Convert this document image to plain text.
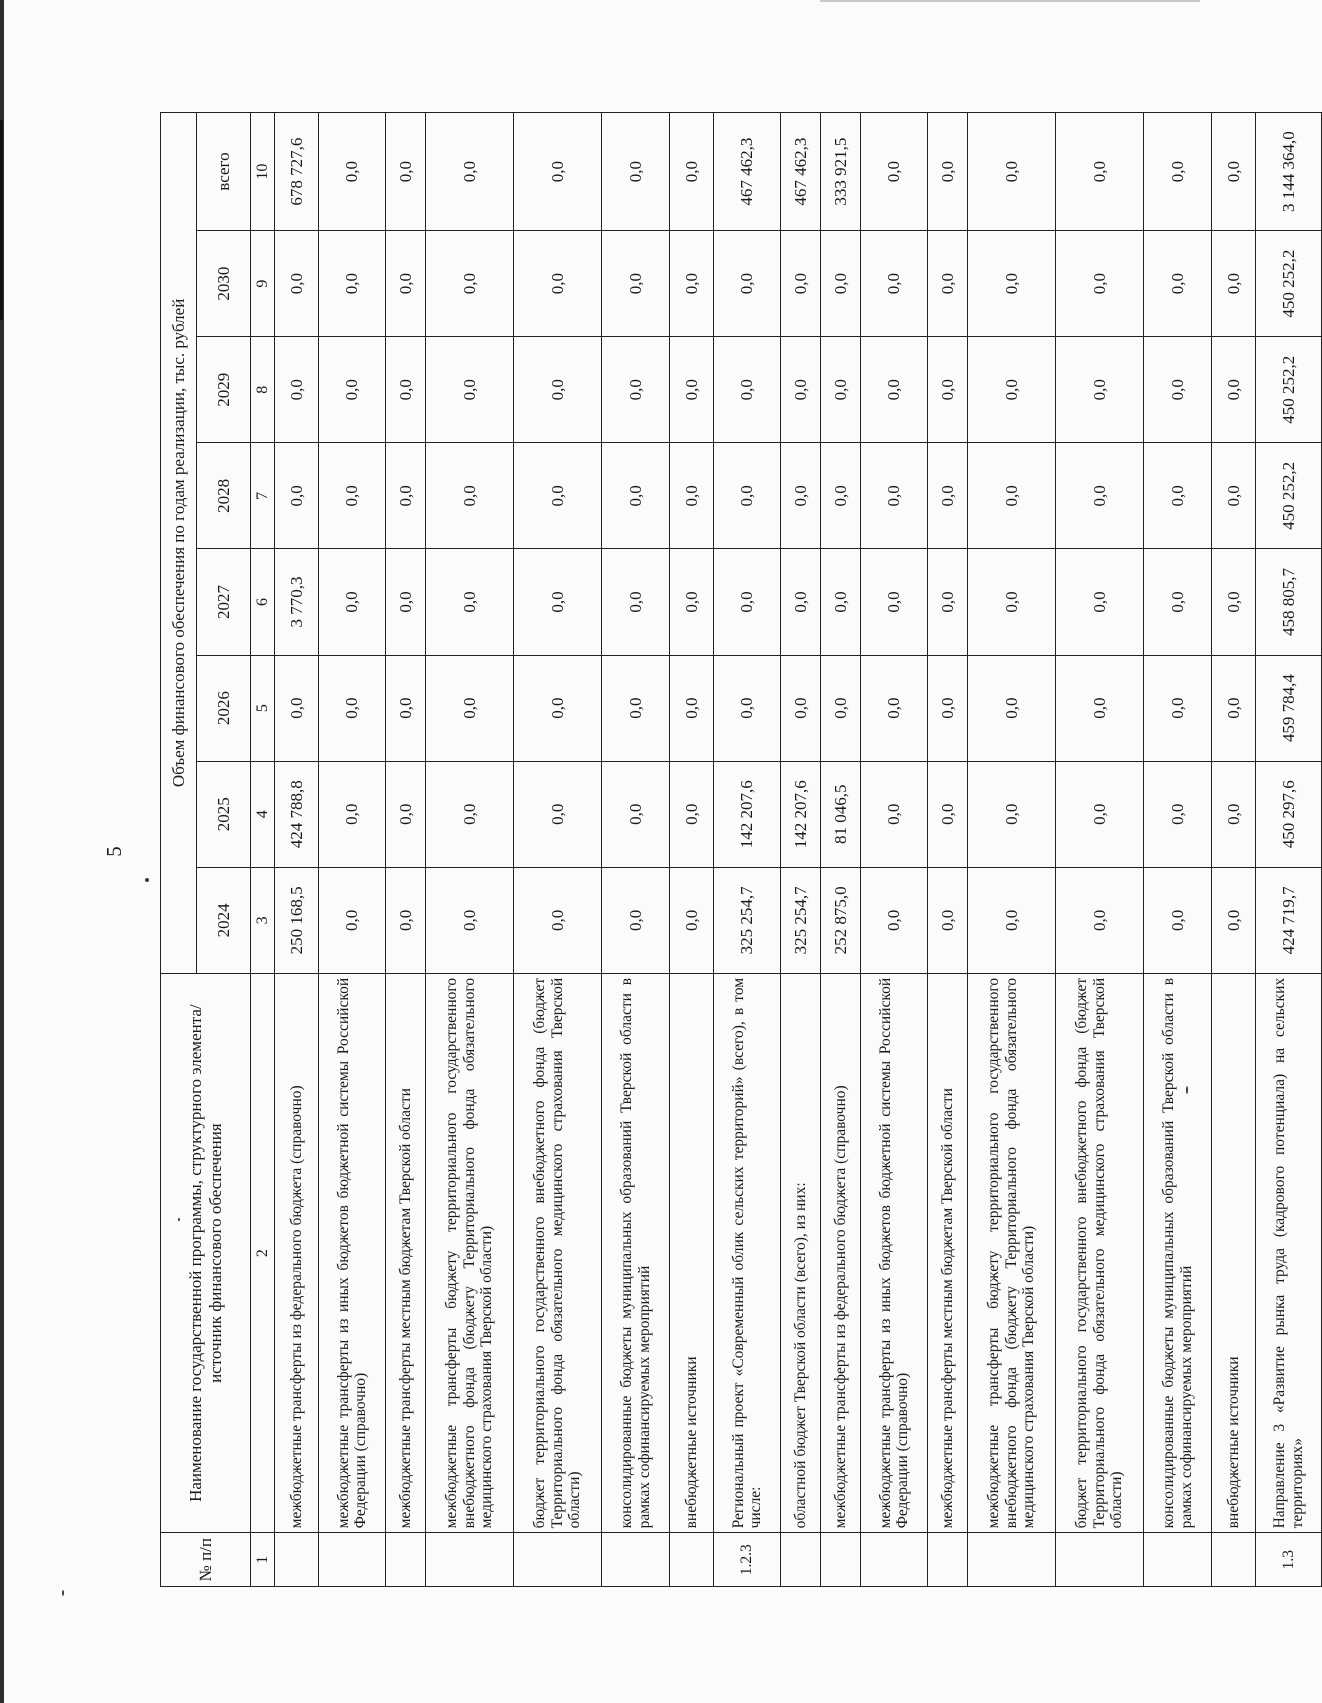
5
№ п/п	Наименование государственной программы, структурного элемента/источник финансового обеспечения	Объем финансового обеспечения по годам реализации, тыс. рублей							
		2024	2025	2026	2027	2028	2029	2030	всего
1	2	3	4	5	6	7	8	9	10
	межбюджетные трансферты из федерального бюджета (справочно)	250 168,5	424 788,8	0,0	3 770,3	0,0	0,0	0,0	678 727,6
	межбюджетные трансферты из иных бюджетов бюджетной системы Российской Федерации (справочно)	0,0	0,0	0,0	0,0	0,0	0,0	0,0	0,0
	межбюджетные трансферты местным бюджетам Тверской области	0,0	0,0	0,0	0,0	0,0	0,0	0,0	0,0
	межбюджетные трансферты бюджету территориального государственного внебюджетного фонда (бюджету Территориального фонда обязательного медицинского страхования Тверской области)	0,0	0,0	0,0	0,0	0,0	0,0	0,0	0,0
	бюджет территориального государственного внебюджетного фонда (бюджет Территориального фонда обязательного медицинского страхования Тверской области)	0,0	0,0	0,0	0,0	0,0	0,0	0,0	0,0
	консолидированные бюджеты муниципальных образований Тверской области в рамках софинансируемых мероприятий	0,0	0,0	0,0	0,0	0,0	0,0	0,0	0,0
	внебюджетные источники	0,0	0,0	0,0	0,0	0,0	0,0	0,0	0,0
1.2.3	Региональный проект «Современный облик сельских территорий» (всего), в том числе:	325 254,7	142 207,6	0,0	0,0	0,0	0,0	0,0	467 462,3
	областной бюджет Тверской области (всего), из них:	325 254,7	142 207,6	0,0	0,0	0,0	0,0	0,0	467 462,3
	межбюджетные трансферты из федерального бюджета (справочно)	252 875,0	81 046,5	0,0	0,0	0,0	0,0	0,0	333 921,5
	межбюджетные трансферты из иных бюджетов бюджетной системы Российской Федерации (справочно)	0,0	0,0	0,0	0,0	0,0	0,0	0,0	0,0
	межбюджетные трансферты местным бюджетам Тверской области	0,0	0,0	0,0	0,0	0,0	0,0	0,0	0,0
	межбюджетные трансферты бюджету территориального государственного внебюджетного фонда (бюджету Территориального фонда обязательного медицинского страхования Тверской области)	0,0	0,0	0,0	0,0	0,0	0,0	0,0	0,0
	бюджет территориального государственного внебюджетного фонда (бюджет Территориального фонда обязательного медицинского страхования Тверской области)	0,0	0,0	0,0	0,0	0,0	0,0	0,0	0,0
	консолидированные бюджеты муниципальных образований Тверской области в рамках софинансируемых мероприятий	0,0	0,0	0,0	0,0	0,0	0,0	0,0	0,0
	внебюджетные источники	0,0	0,0	0,0	0,0	0,0	0,0	0,0	0,0
1.3	Направление 3 «Развитие рынка труда (кадрового потенциала) на сельских территориях»	424 719,7	450 297,6	459 784,4	458 805,7	450 252,2	450 252,2	450 252,2	3 144 364,0
